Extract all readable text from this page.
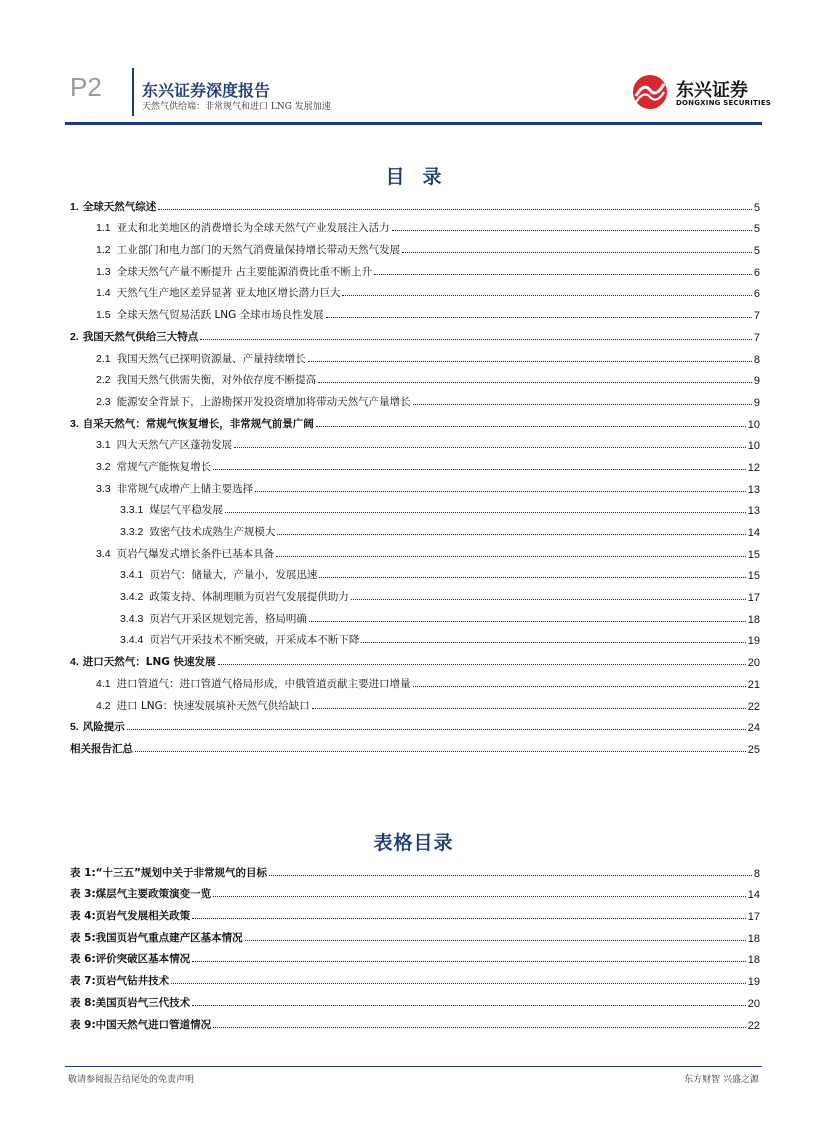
P2	东兴证券深度报告
天然气供给端：非常规气和进口 LNG 发展加速
东兴证券
DONGXING SECURITIES
目录
1. 全球天然气综述	5
1.1 亚太和北美地区的消费增长为全球天然气产业发展注入活力	5
1.2 工业部门和电力部门的天然气消费量保持增长带动天然气发展	5
1.3 全球天然气产量不断提升 占主要能源消费比重不断上升	6
1.4 天然气生产地区差异显著 亚太地区增长潜力巨大	6
1.5 全球天然气贸易活跃 LNG 全球市场良性发展	7
2. 我国天然气供给三大特点	7
2.1 我国天然气已探明资源量、产量持续增长	8
2.2 我国天然气供需失衡，对外依存度不断提高	9
2.3 能源安全背景下，上游勘探开发投资增加将带动天然气产量增长	9
3. 自采天然气：常规气恢复增长，非常规气前景广阔	10
3.1 四大天然气产区蓬勃发展	10
3.2 常规气产能恢复增长	12
3.3 非常规气成增产上储主要选择	13
3.3.1 煤层气平稳发展	13
3.3.2 致密气技术成熟生产规模大	14
3.4 页岩气爆发式增长条件已基本具备	15
3.4.1 页岩气：储量大，产量小，发展迅速	15
3.4.2 政策支持、体制理顺为页岩气发展提供助力	17
3.4.3 页岩气开采区规划完善，格局明确	18
3.4.4 页岩气开采技术不断突破，开采成本不断下降	19
4. 进口天然气：LNG 快速发展	20
4.1 进口管道气：进口管道气格局形成，中俄管道贡献主要进口增量	21
4.2 进口 LNG：快速发展填补天然气供给缺口	22
5. 风险提示	24
相关报告汇总	25
表格目录
表 1:“十三五”规划中关于非常规气的目标	8
表 3:煤层气主要政策演变一览	14
表 4:页岩气发展相关政策	17
表 5:我国页岩气重点建产区基本情况	18
表 6:评价突破区基本情况	18
表 7:页岩气钻井技术	19
表 8:美国页岩气三代技术	20
表 9:中国天然气进口管道情况	22
敬请参阅报告结尾处的免责声明	东方财智 兴盛之源
